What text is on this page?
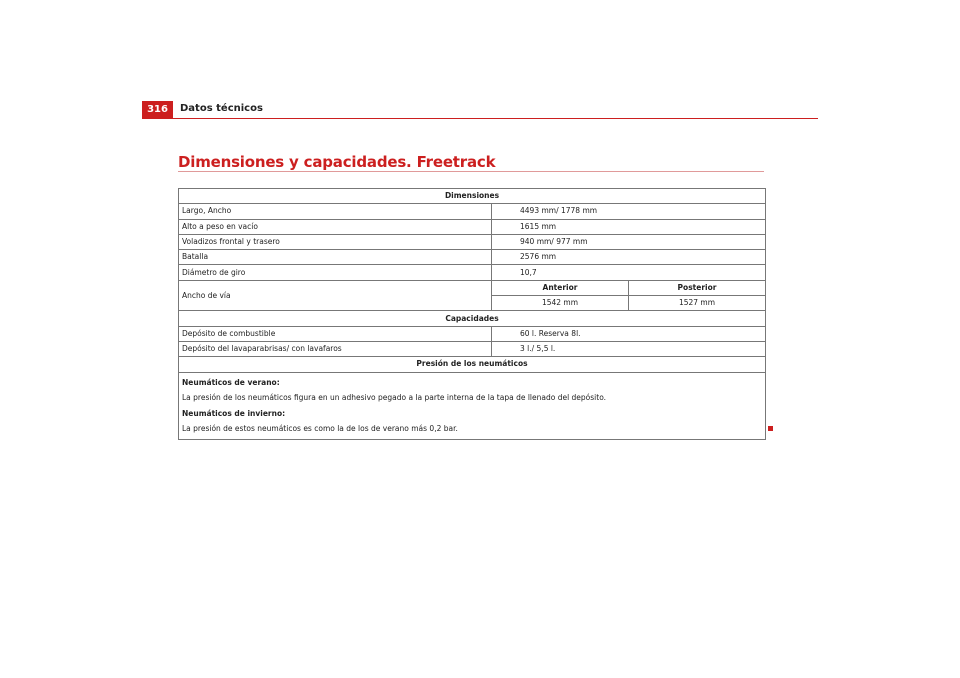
316	Datos técnicos
Dimensiones y capacidades. Freetrack
Dimensiones		
Largo, Ancho	4493 mm/ 1778 mm	
Alto a peso en vacío	1615 mm	
Voladizos frontal y trasero	940 mm/ 977 mm	
Batalla	2576 mm	
Diámetro de giro	10,7	
Ancho de vía	Anterior	Posterior
	1542 mm	1527 mm
Capacidades		
Depósito de combustible	60 l. Reserva 8l.	
Depósito del lavaparabrisas/ con lavafaros	3 l./ 5,5 l.	
Presión de los neumáticos		

Neumáticos de verano:

La presión de los neumáticos figura en un adhesivo pegado a la parte interna de la tapa de llenado del depósito.

Neumáticos de invierno:

La presión de estos neumáticos es como la de los de verano más 0,2 bar.		
